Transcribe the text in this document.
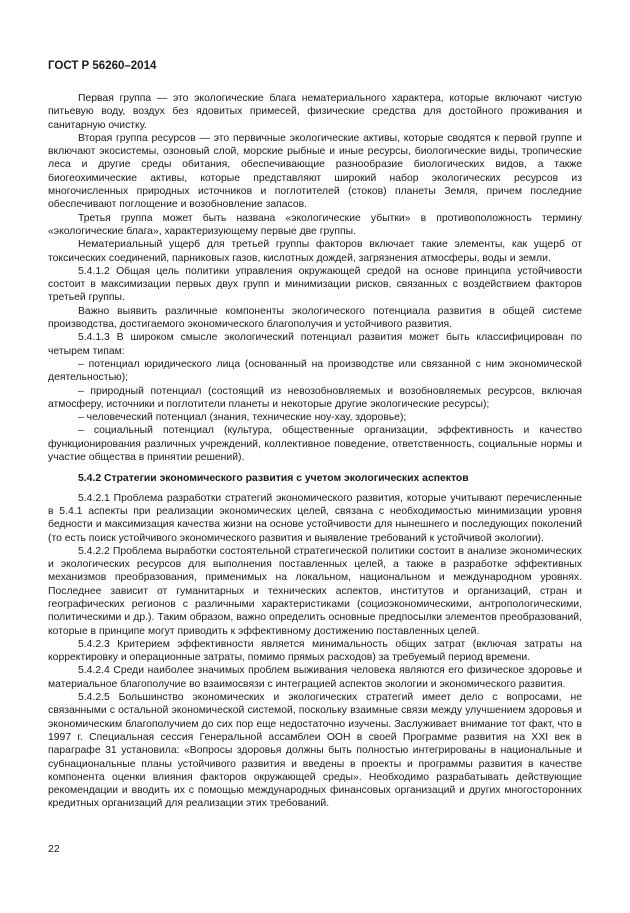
ГОСТ Р 56260–2014

Первая группа — это экологические блага нематериального характера, которые включают чистую питьевую воду, воздух без ядовитых примесей, физические средства для достойного проживания и санитарную очистку.

Вторая группа ресурсов — это первичные экологические активы, которые сводятся к первой группе и включают экосистемы, озоновый слой, морские рыбные и иные ресурсы, биологические виды, тропические леса и другие среды обитания, обеспечивающие разнообразие биологических видов, а также биогеохимические активы, которые представляют широкий набор экологических ресурсов из многочисленных природных источников и поглотителей (стоков) планеты Земля, причем последние обеспечивают поглощение и возобновление запасов.

Третья группа может быть названа «экологические убытки» в противоположность термину «экологические блага», характеризующему первые две группы.

Нематериальный ущерб для третьей группы факторов включает такие элементы, как ущерб от токсических соединений, парниковых газов, кислотных дождей, загрязнения атмосферы, воды и земли.

5.4.1.2 Общая цель политики управления окружающей средой на основе принципа устойчивости состоит в максимизации первых двух групп и минимизации рисков, связанных с воздействием факторов третьей группы.

Важно выявить различные компоненты экологического потенциала развития в общей системе производства, достигаемого экономического благополучия и устойчивого развития.

5.4.1.3 В широком смысле экологический потенциал развития может быть классифицирован по четырем типам:

– потенциал юридического лица (основанный на производстве или связанной с ним экономической деятельностью);

– природный потенциал (состоящий из невозобновляемых и возобновляемых ресурсов, включая атмосферу, источники и поглотители планеты и некоторые другие экологические ресурсы);

– человеческий потенциал (знания, технические ноу-хау, здоровье);

– социальный потенциал (культура, общественные организации, эффективность и качество функционирования различных учреждений, коллективное поведение, ответственность, социальные нормы и участие общества в принятии решений).

5.4.2 Стратегии экономического развития с учетом экологических аспектов

5.4.2.1 Проблема разработки стратегий экономического развития, которые учитывают перечисленные в 5.4.1 аспекты при реализации экономических целей, связана с необходимостью минимизации уровня бедности и максимизация качества жизни на основе устойчивости для нынешнего и последующих поколений (то есть поиск устойчивого экономического развития и выявление требований к устойчивой экологии).

5.4.2.2 Проблема выработки состоятельной стратегической политики состоит в анализе экономических и экологических ресурсов для выполнения поставленных целей, а также в разработке эффективных механизмов преобразования, применимых на локальном, национальном и международном уровнях. Последнее зависит от гуманитарных и технических аспектов, институтов и организаций, стран и географических регионов с различными характеристиками (социоэкономическими, антропологическими, политическими и др.). Таким образом, важно определить основные предпосылки элементов преобразований, которые в принципе могут приводить к эффективному достижению поставленных целей.

5.4.2.3 Критерием эффективности является минимальность общих затрат (включая затраты на корректировку и операционные затраты, помимо прямых расходов) за требуемый период времени.

5.4.2.4 Среди наиболее значимых проблем выживания человека являются его физическое здоровье и материальное благополучие во взаимосвязи с интеграцией аспектов экологии и экономического развития.

5.4.2.5 Большинство экономических и экологических стратегий имеет дело с вопросами, не связанными с остальной экономической системой, поскольку взаимные связи между улучшением здоровья и экономическим благополучием до сих пор еще недостаточно изучены. Заслуживает внимание тот факт, что в 1997 г. Специальная сессия Генеральной ассамблеи ООН в своей Программе развития на XXI век в параграфе 31 установила: «Вопросы здоровья должны быть полностью интегрированы в национальные и субнациональные планы устойчивого развития и введены в проекты и программы развития в качестве компонента оценки влияния факторов окружающей среды». Необходимо разрабатывать действующие рекомендации и вводить их с помощью международных финансовых организаций и других многосторонних кредитных организаций для реализации этих требований.

22
